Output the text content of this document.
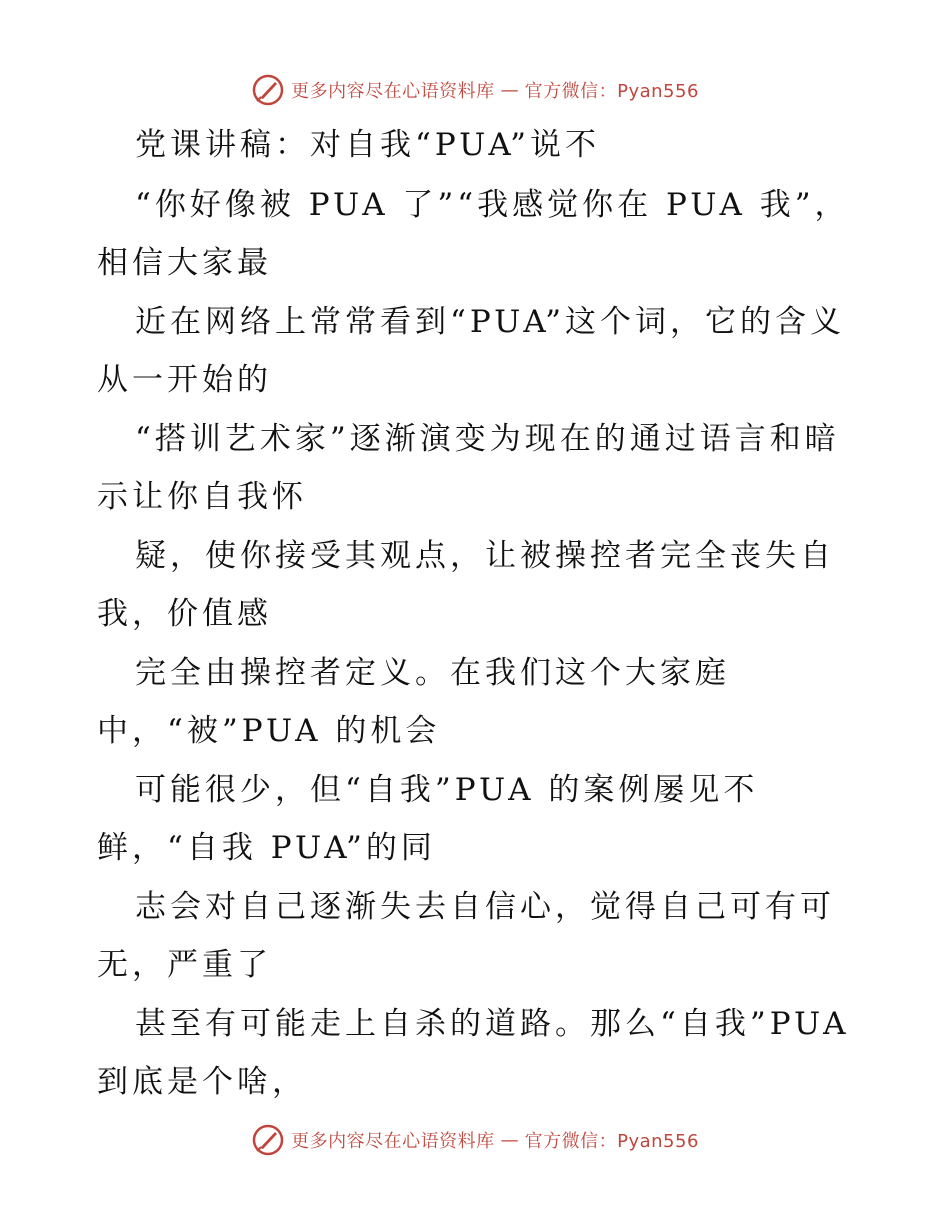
更多内容尽在心语资料库 — 官方微信：Pyan556
党课讲稿：对自我“PUA”说不
“你好像被 PUA 了”“我感觉你在 PUA 我”，
相信大家最
近在网络上常常看到“PUA”这个词，它的含义
从一开始的
“搭训艺术家”逐渐演变为现在的通过语言和暗
示让你自我怀
疑，使你接受其观点，让被操控者完全丧失自
我，价值感
完全由操控者定义。在我们这个大家庭
中，“被”PUA 的机会
可能很少，但“自我”PUA 的案例屡见不
鲜，“自我 PUA”的同
志会对自己逐渐失去自信心，觉得自己可有可
无，严重了
甚至有可能走上自杀的道路。那么“自我”PUA
到底是个啥，
更多内容尽在心语资料库 — 官方微信：Pyan556
